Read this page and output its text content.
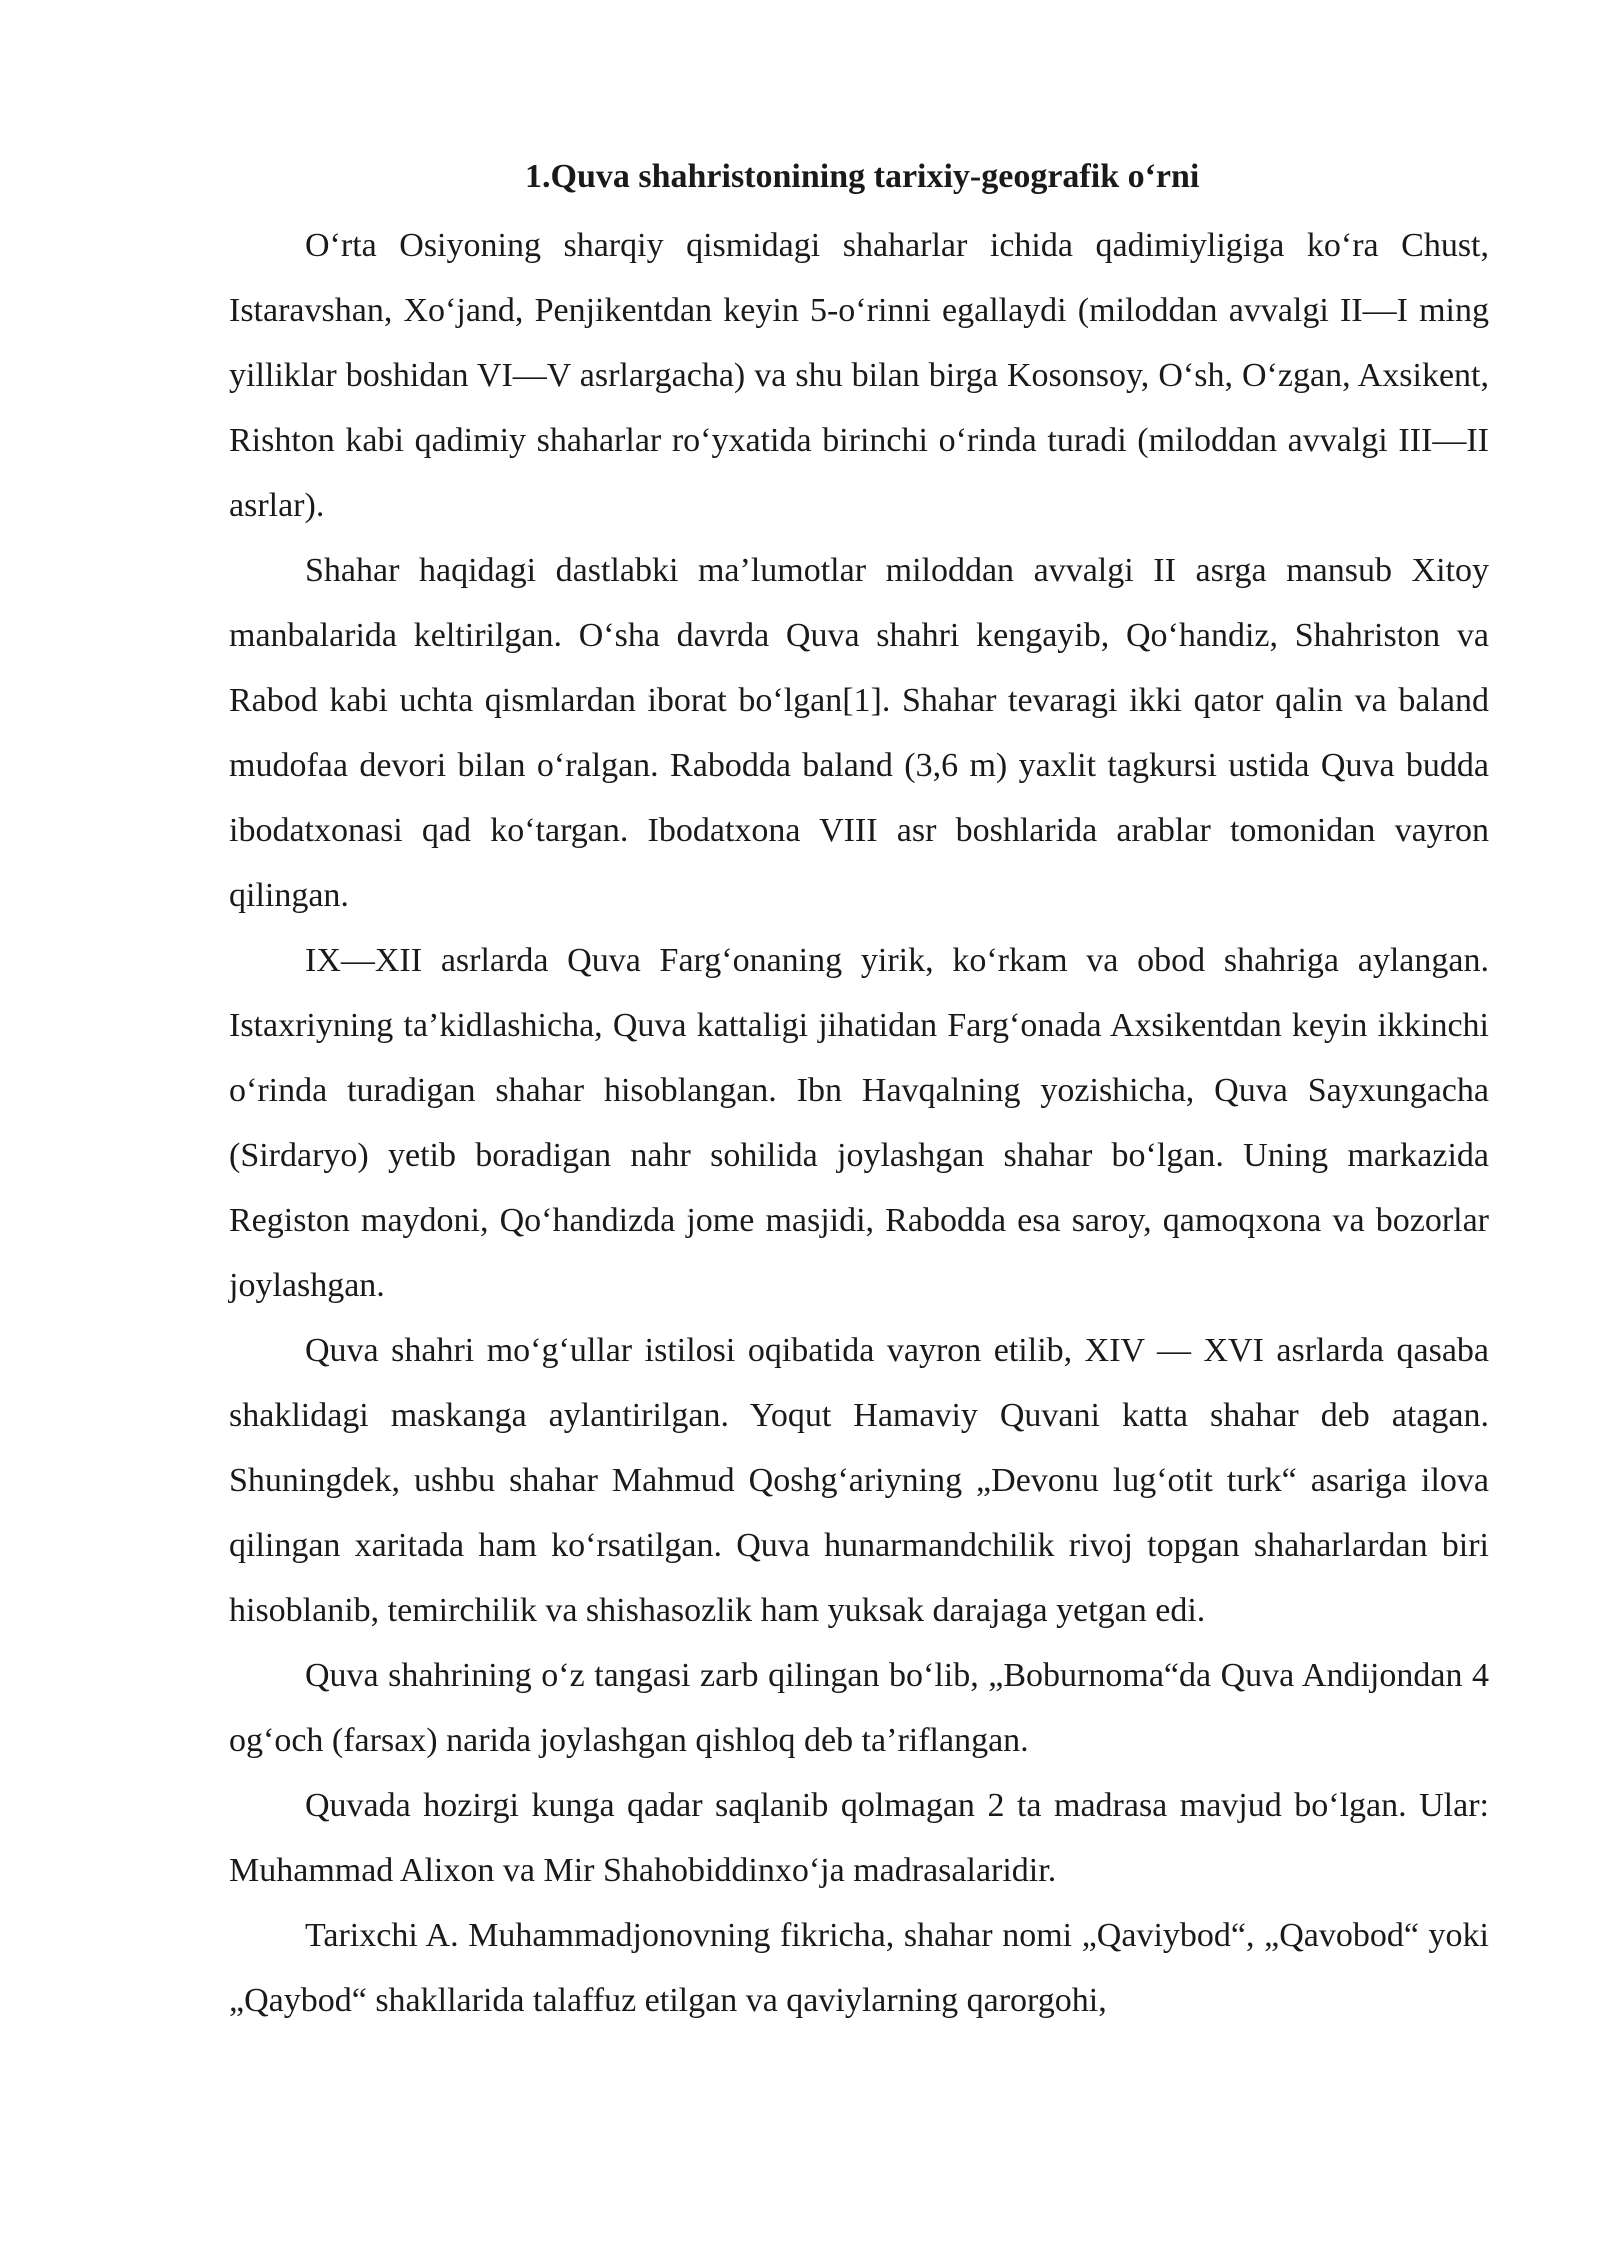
1.Quva shahristonining tarixiy-geografik o‘rni

O‘rta Osiyoning sharqiy qismidagi shaharlar ichida qadimiyligiga ko‘ra Chust, Istaravshan, Xo‘jand, Penjikentdan keyin 5-o‘rinni egallaydi (miloddan avvalgi II—I ming yilliklar boshidan VI—V asrlargacha) va shu bilan birga Kosonsoy, O‘sh, O‘zgan, Axsikent, Rishton kabi qadimiy shaharlar ro‘yxatida birinchi o‘rinda turadi (miloddan avvalgi III—II asrlar).

Shahar haqidagi dastlabki ma’lumotlar miloddan avvalgi II asrga mansub Xitoy manbalarida keltirilgan. O‘sha davrda Quva shahri kengayib, Qo‘handiz, Shahriston va Rabod kabi uchta qismlardan iborat bo‘lgan[1]. Shahar tevaragi ikki qator qalin va baland mudofaa devori bilan o‘ralgan. Rabodda baland (3,6 m) yaxlit tagkursi ustida Quva budda ibodatxonasi qad ko‘targan. Ibodatxona VIII asr boshlarida arablar tomonidan vayron qilingan.

IX—XII asrlarda Quva Farg‘onaning yirik, ko‘rkam va obod shahriga aylangan. Istaxriyning ta’kidlashicha, Quva kattaligi jihatidan Farg‘onada Axsikentdan keyin ikkinchi o‘rinda turadigan shahar hisoblangan. Ibn Havqalning yozishicha, Quva Sayxungacha (Sirdaryo) yetib boradigan nahr sohilida joylashgan shahar bo‘lgan. Uning markazida Registon maydoni, Qo‘handizda jome masjidi, Rabodda esa saroy, qamoqxona va bozorlar joylashgan.

Quva shahri mo‘g‘ullar istilosi oqibatida vayron etilib, XIV — XVI asrlarda qasaba shaklidagi maskanga aylantirilgan. Yoqut Hamaviy Quvani katta shahar deb atagan. Shuningdek, ushbu shahar Mahmud Qoshg‘ariyning „Devonu lug‘otit turk“ asariga ilova qilingan xaritada ham ko‘rsatilgan. Quva hunarmandchilik rivoj topgan shaharlardan biri hisoblanib, temirchilik va shishasozlik ham yuksak darajaga yetgan edi.

Quva shahrining o‘z tangasi zarb qilingan bo‘lib, „Boburnoma“da Quva Andijondan 4 og‘och (farsax) narida joylashgan qishloq deb ta’riflangan.

Quvada hozirgi kunga qadar saqlanib qolmagan 2 ta madrasa mavjud bo‘lgan. Ular: Muhammad Alixon va Mir Shahobiddinxo‘ja madrasalaridir.

Tarixchi A. Muhammadjonovning fikricha, shahar nomi „Qaviybod“, „Qavobod“ yoki „Qaybod“ shakllarida talaffuz etilgan va qaviylarning qarorgohi,
